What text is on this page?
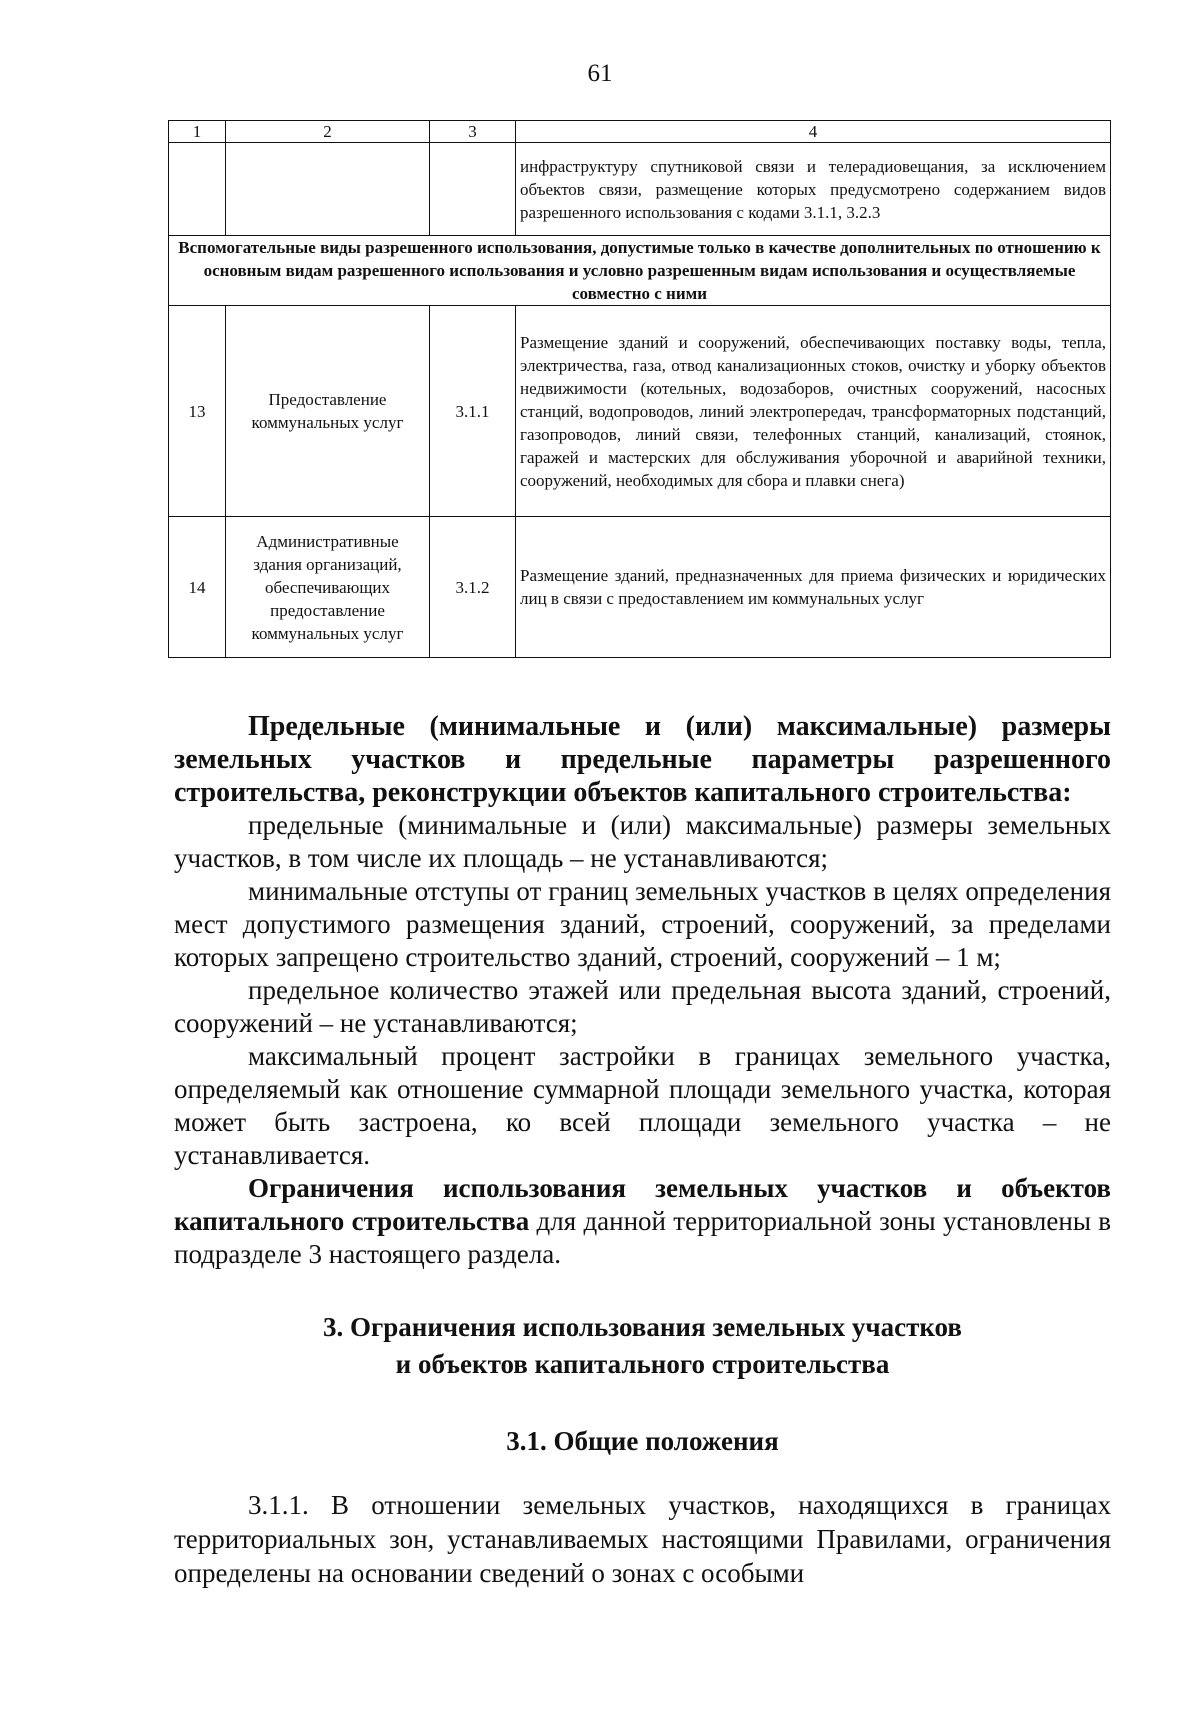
61
1	2	3	4
			инфраструктуру спутниковой связи и телерадиовещания, за исключением объектов связи, размещение которых предусмотрено содержанием видов разрешенного использования с кодами 3.1.1, 3.2.3
Вспомогательные виды разрешенного использования, допустимые только в качестве дополнительных по отношению к основным видам разрешенного использования и условно разрешенным видам использования и осуществляемые совместно с ними			
13	Предоставление коммунальных услуг	3.1.1	Размещение зданий и сооружений, обеспечивающих поставку воды, тепла, электричества, газа, отвод канализационных стоков, очистку и уборку объектов недвижимости (котельных, водозаборов, очистных сооружений, насосных станций, водопроводов, линий электропередач, трансформаторных подстанций, газопроводов, линий связи, телефонных станций, канализаций, стоянок, гаражей и мастерских для обслуживания уборочной и аварийной техники, сооружений, необходимых для сбора и плавки снега)
14	Административные здания организаций, обеспечивающих предоставление коммунальных услуг	3.1.2	Размещение зданий, предназначенных для приема физических и юридических лиц в связи с предоставлением им коммунальных услуг

Предельные (минимальные и (или) максимальные) размеры земельных участков и предельные параметры разрешенного строительства, реконструкции объектов капитального строительства:

предельные (минимальные и (или) максимальные) размеры земельных участков, в том числе их площадь – не устанавливаются;

минимальные отступы от границ земельных участков в целях определения мест допустимого размещения зданий, строений, сооружений, за пределами которых запрещено строительство зданий, строений, сооружений – 1 м;

предельное количество этажей или предельная высота зданий, строений, сооружений – не устанавливаются;

максимальный процент застройки в границах земельного участка, определяемый как отношение суммарной площади земельного участка, которая может быть застроена, ко всей площади земельного участка – не устанавливается.

Ограничения использования земельных участков и объектов капитального строительства для данной территориальной зоны установлены в подразделе 3 настоящего раздела.

3. Ограничения использования земельных участков
и объектов капитального строительства

3.1. Общие положения

3.1.1. В отношении земельных участков, находящихся в границах территориальных зон, устанавливаемых настоящими Правилами, ограничения определены на основании сведений о зонах с особыми
